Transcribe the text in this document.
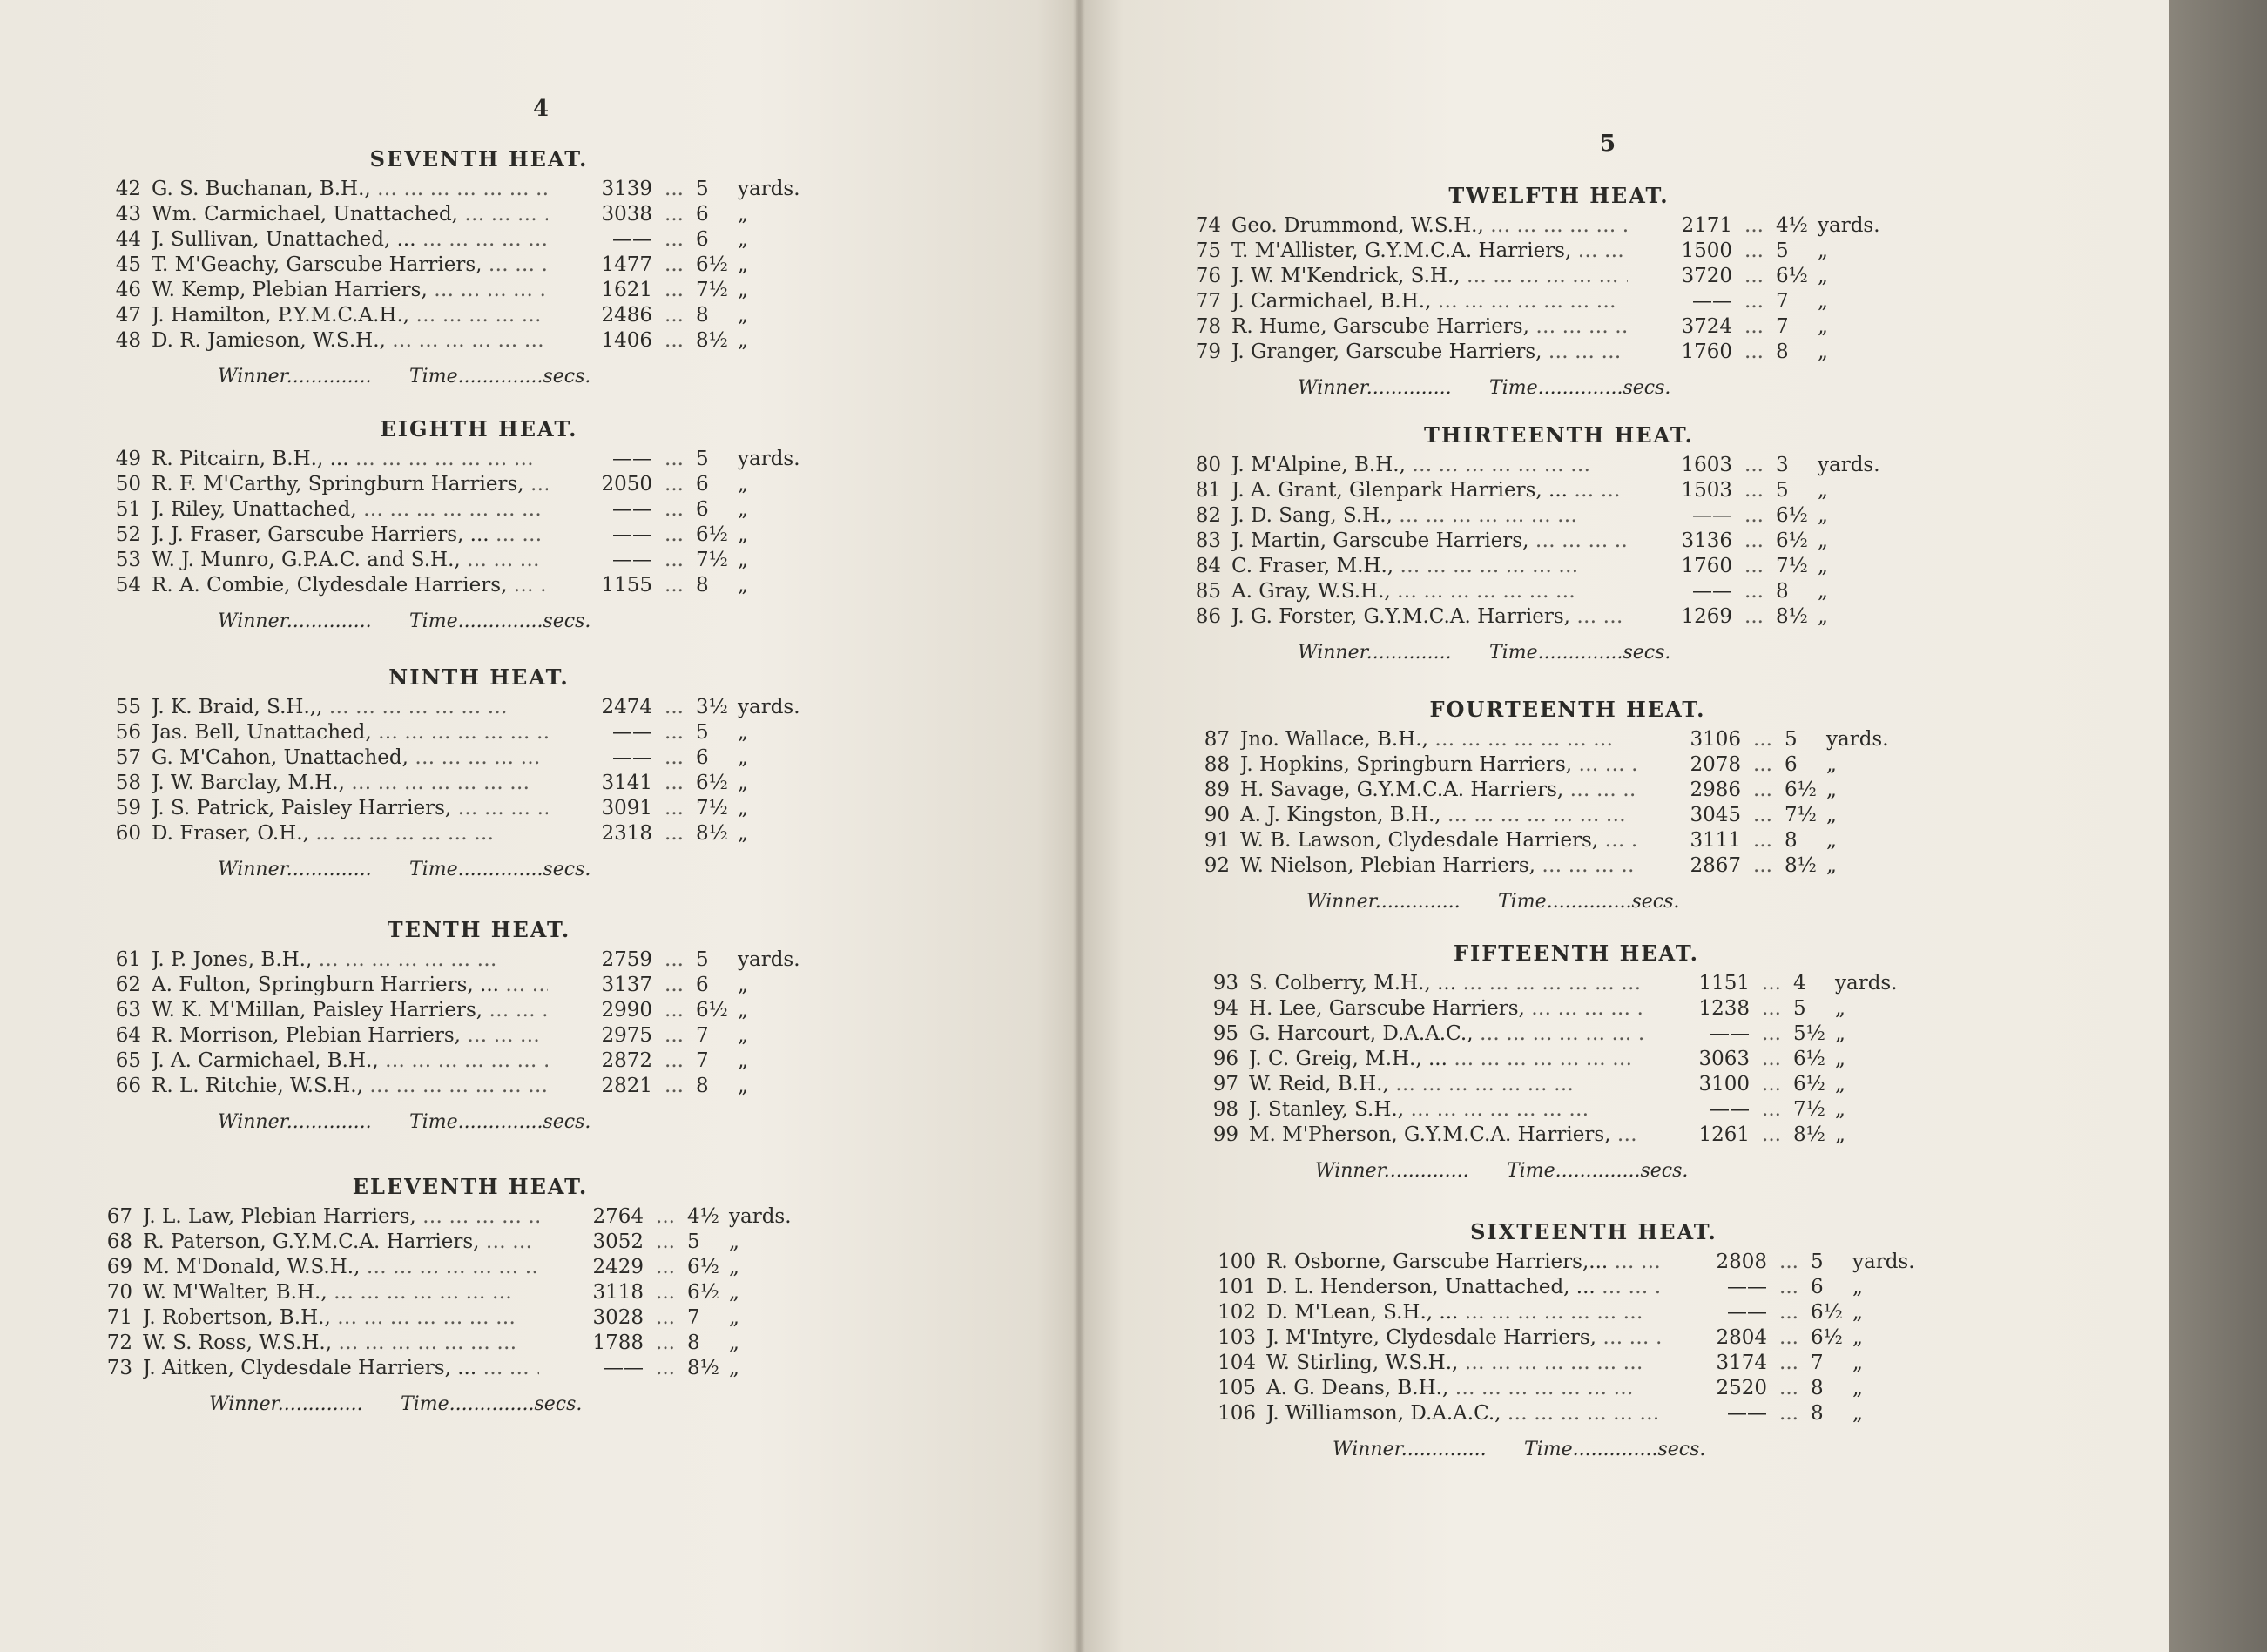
4
SEVENTH HEAT.
42 G. S. Buchanan, B.H., … … … … … … …	3139 ... 5	yards.
43 Wm. Carmichael, Unattached, … … … … … … …	3038 ... 6	„
44 J. Sullivan, Unattached, ... … … … … … … …	—— ... 6	„
45 T. M'Geachy, Garscube Harriers, … … … … … … …	1477 ... 6½ „
46 W. Kemp, Plebian Harriers, … … … … … … …	1621 ... 7½ „
47 J. Hamilton, P.Y.M.C.A.H., … … … … … … …	2486 ... 8	„
48 D. R. Jamieson, W.S.H., … … … … … … …	1406 ... 8½ „
Winner..............	Time..............secs.
EIGHTH HEAT.
49 R. Pitcairn, B.H., ... … … … … … … …	—— ... 5	yards.
50 R. F. M'Carthy, Springburn Harriers, … … … … … … …	2050 ... 6	„
51 J. Riley, Unattached, … … … … … … …	—— ... 6	„
52 J. J. Fraser, Garscube Harriers, ... … … … … … … …	—— ... 6½ „
53 W. J. Munro, G.P.A.C. and S.H., … … … … … … …	—— ... 7½ „
54 R. A. Combie, Clydesdale Harriers, … … … … … … …	1155 ... 8	„
Winner..............	Time..............secs.
NINTH HEAT.
55 J. K. Braid, S.H.,, … … … … … … …	2474 ... 3½ yards.
56 Jas. Bell, Unattached, … … … … … … …	—— ... 5	„
57 G. M'Cahon, Unattached, … … … … … … …	—— ... 6	„
58 J. W. Barclay, M.H., … … … … … … …	3141 ... 6½ „
59 J. S. Patrick, Paisley Harriers, … … … … … … …	3091 ... 7½ „
60 D. Fraser, O.H., … … … … … … …	2318 ... 8½ „
Winner..............	Time..............secs.
TENTH HEAT.
61 J. P. Jones, B.H., … … … … … … …	2759 ... 5	yards.
62 A. Fulton, Springburn Harriers, ... … … … … … … …	3137 ... 6	„
63 W. K. M'Millan, Paisley Harriers, … … … … … … …	2990 ... 6½ „
64 R. Morrison, Plebian Harriers, … … … … … … …	2975 ... 7	„
65 J. A. Carmichael, B.H., … … … … … … …	2872 ... 7	„
66 R. L. Ritchie, W.S.H., … … … … … … …	2821 ... 8	„
Winner..............	Time..............secs.
ELEVENTH HEAT.
67 J. L. Law, Plebian Harriers, … … … … … … …	2764 ... 4½ yards.
68 R. Paterson, G.Y.M.C.A. Harriers, … … … … … … …	3052 ... 5	„
69 M. M'Donald, W.S.H., … … … … … … …	2429 ... 6½ „
70 W. M'Walter, B.H., … … … … … … …	3118 ... 6½ „
71 J. Robertson, B.H., … … … … … … …	3028 ... 7	„
72 W. S. Ross, W.S.H., … … … … … … …	1788 ... 8	„
73 J. Aitken, Clydesdale Harriers, ... … … … … … … …	—— ... 8½ „
Winner..............	Time..............secs.
5
TWELFTH HEAT.
74 Geo. Drummond, W.S.H., … … … … … … …	2171 ... 4½ yards.
75 T. M'Allister, G.Y.M.C.A. Harriers, … … … … … … …	1500 ... 5	„
76 J. W. M'Kendrick, S.H., … … … … … … …	3720 ... 6½ „
77 J. Carmichael, B.H., … … … … … … …	—— ... 7	„
78 R. Hume, Garscube Harriers, … … … … … … …	3724 ... 7	„
79 J. Granger, Garscube Harriers, … … … … … … …	1760 ... 8	„
Winner..............	Time..............secs.
THIRTEENTH HEAT.
80 J. M'Alpine, B.H., … … … … … … …	1603 ... 3	yards.
81 J. A. Grant, Glenpark Harriers, ... … … … … … … …	1503 ... 5	„
82 J. D. Sang, S.H., … … … … … … …	—— ... 6½ „
83 J. Martin, Garscube Harriers, … … … … … … …	3136 ... 6½ „
84 C. Fraser, M.H., … … … … … … …	1760 ... 7½ „
85 A. Gray, W.S.H., … … … … … … …	—— ... 8	„
86 J. G. Forster, G.Y.M.C.A. Harriers, … … … … … … …	1269 ... 8½ „
Winner..............	Time..............secs.
FOURTEENTH HEAT.
87 Jno. Wallace, B.H., … … … … … … …	3106 ... 5	yards.
88 J. Hopkins, Springburn Harriers, … … … … … … …	2078 ... 6	„
89 H. Savage, G.Y.M.C.A. Harriers, … … … … … … …	2986 ... 6½ „
90 A. J. Kingston, B.H., … … … … … … …	3045 ... 7½ „
91 W. B. Lawson, Clydesdale Harriers, … … … … … … …	3111 ... 8	„
92 W. Nielson, Plebian Harriers, … … … … … … …	2867 ... 8½ „
Winner..............	Time..............secs.
FIFTEENTH HEAT.
93 S. Colberry, M.H., ... … … … … … … …	1151 ... 4	yards.
94 H. Lee, Garscube Harriers, … … … … … … …	1238 ... 5	„
95 G. Harcourt, D.A.A.C., … … … … … … …	—— ... 5½ „
96 J. C. Greig, M.H., ... … … … … … … …	3063 ... 6½ „
97 W. Reid, B.H., … … … … … … …	3100 ... 6½ „
98 J. Stanley, S.H., … … … … … … …	—— ... 7½ „
99 M. M'Pherson, G.Y.M.C.A. Harriers, … … … … … … …	1261 ... 8½ „
Winner..............	Time..............secs.
SIXTEENTH HEAT.
100 R. Osborne, Garscube Harriers,... … … … … … … …	2808 ... 5	yards.
101 D. L. Henderson, Unattached, ... … … … … … … …	—— ... 6	„
102 D. M'Lean, S.H., ... … … … … … … …	—— ... 6½ „
103 J. M'Intyre, Clydesdale Harriers, … … … … … … …	2804 ... 6½ „
104 W. Stirling, W.S.H., … … … … … … …	3174 ... 7	„
105 A. G. Deans, B.H., … … … … … … …	2520 ... 8	„
106 J. Williamson, D.A.A.C., … … … … … … …	—— ... 8	„
Winner..............	Time..............secs.
